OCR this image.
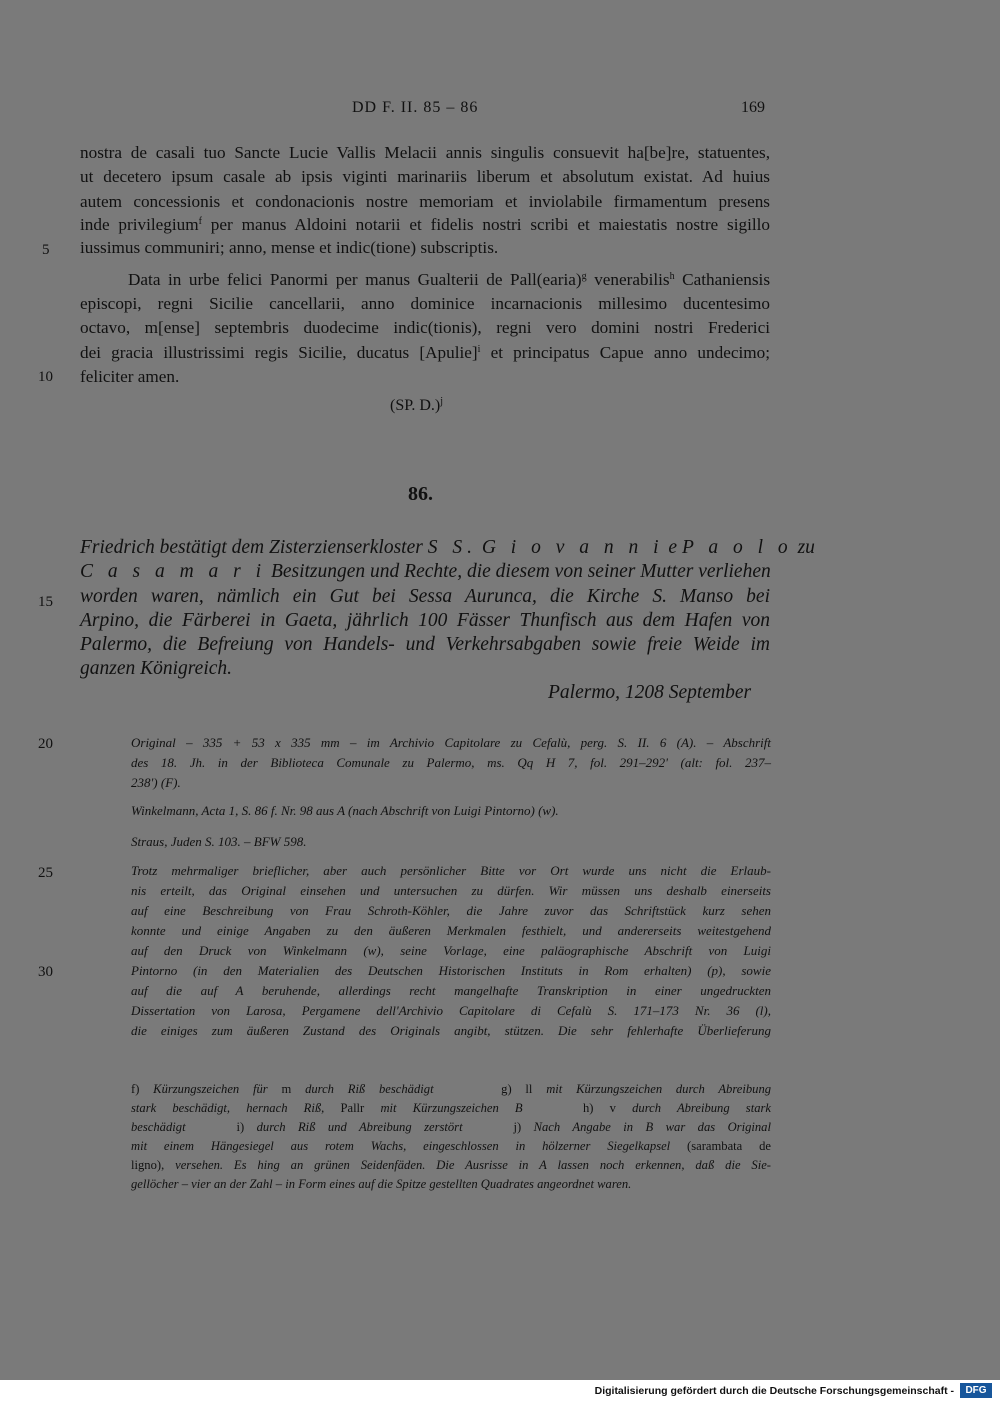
DD F. II. 85 – 86	169
5
10
15
20
25
30
nostra de casali tuo Sancte Lucie Vallis Melacii annis singulis consuevit ha[be]re, statuentes,
ut decetero ipsum casale ab ipsis viginti marinariis liberum et absolutum existat. Ad huius
autem concessionis et condonacionis nostre memoriam et inviolabile firmamentum presens
inde privilegium$^f$ per manus Aldoini notarii et fidelis nostri scribi et maiestatis nostre sigillo
iussimus communiri; anno, mense et indic(tione) subscriptis.
Data in urbe felici Panormi per manus Gualterii de Pall(earia)$^g$ venerabilis$^h$ Cathaniensis
episcopi, regni Sicilie cancellarii, anno dominice incarnacionis millesimo ducentesimo
octavo, m[ense] septembris duodecime indic(tionis), regni vero domini nostri Frederici
dei gracia illustrissimi regis Sicilie, ducatus [Apulie]$^i$ et principatus Capue anno undecimo;
feliciter amen.
(SP. D.)$^j$
86.
Friedrich bestätigt dem Zisterzienserkloster S S. G i o v a n n i e P a o l o zu
C a s a m a r i Besitzungen und Rechte, die diesem von seiner Mutter verliehen
worden waren, nämlich ein Gut bei Sessa Aurunca, die Kirche S. Manso bei
Arpino, die Färberei in Gaeta, jährlich 100 Fässer Thunfisch aus dem Hafen von
Palermo, die Befreiung von Handels- und Verkehrsabgaben sowie freie Weide im
ganzen Königreich.
Palermo, 1208 September
Original – 335 + 53 x 335 mm – im Archivio Capitolare zu Cefalù, perg. S. II. 6 (A). – Abschrift
des 18. Jh. in der Biblioteca Comunale zu Palermo, ms. Qq H 7, fol. 291–292' (alt: fol. 237–
238') (F).
Winkelmann, Acta 1, S. 86 f. Nr. 98 aus A (nach Abschrift von Luigi Pintorno) (w).
Straus, Juden S. 103. – BFW 598.
Trotz mehrmaliger brieflicher, aber auch persönlicher Bitte vor Ort wurde uns nicht die Erlaub-
nis erteilt, das Original einsehen und untersuchen zu dürfen. Wir müssen uns deshalb einerseits
auf eine Beschreibung von Frau Schroth-Köhler, die Jahre zuvor das Schriftstück kurz sehen
konnte und einige Angaben zu den äußeren Merkmalen festhielt, und andererseits weitestgehend
auf den Druck von Winkelmann (w), seine Vorlage, eine paläographische Abschrift von Luigi
Pintorno (in den Materialien des Deutschen Historischen Instituts in Rom erhalten) (p), sowie
auf die auf A beruhende, allerdings recht mangelhafte Transkription in einer ungedruckten
Dissertation von Larosa, Pergamene dell'Archivio Capitolare di Cefalù S. 171–173 Nr. 36 (l),
die einiges zum äußeren Zustand des Originals angibt, stützen. Die sehr fehlerhafte Überlieferung
f) Kürzungszeichen für m durch Riß beschädigt	g) ll mit Kürzungszeichen durch Abreibung
stark beschädigt, hernach Riß, Pallr mit Kürzungszeichen B	h) v durch Abreibung stark
beschädigt	i) durch Riß und Abreibung zerstört	j) Nach Angabe in B war das Original
mit einem Hängesiegel aus rotem Wachs, eingeschlossen in hölzerner Siegelkapsel (sarambata de
ligno), versehen. Es hing an grünen Seidenfäden. Die Ausrisse in A lassen noch erkennen, daß die Sie-
gellöcher – vier an der Zahl – in Form eines auf die Spitze gestellten Quadrates angeordnet waren.
Digitalisierung gefördert durch die Deutsche Forschungsgemeinschaft -	DFG
